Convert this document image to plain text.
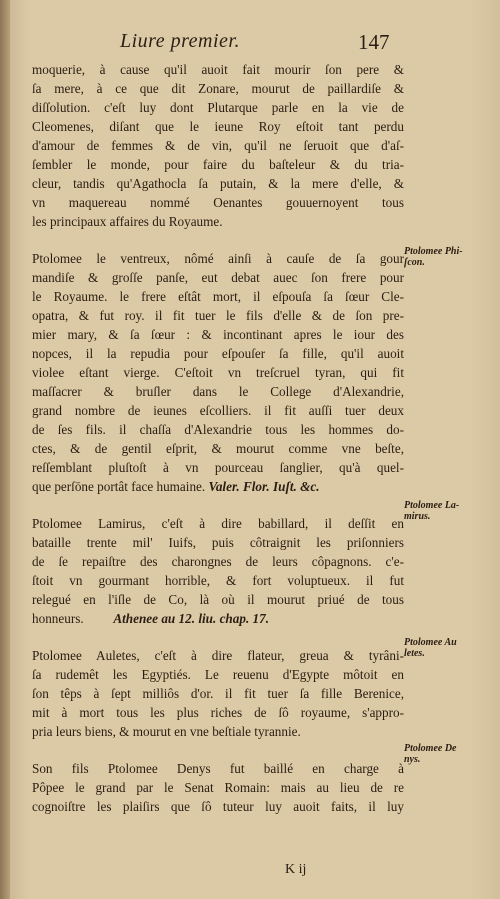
Liure premier.	147
moquerie, à cause qu'il auoit fait mourir ſon pere &
ſa mere, à ce que dit Zonare, mourut de paillardiſe &
diſſolution. c'eſt luy dont Plutarque parle en la vie de
Cleomenes, diſant que le ieune Roy eſtoit tant perdu
d'amour de femmes & de vin, qu'il ne ſeruoit que d'aſ-
ſembler le monde, pour faire du baſteleur & du tria-
cleur, tandis qu'Agathocla ſa putain, & la mere d'elle, &
vn maquereau nommé Oenantes gouuernoyent tous
les principaux affaires du Royaume.
Ptolomee le ventreux, nômé ainſi à cauſe de ſa gour
mandiſe & groſſe panſe, eut debat auec ſon frere pour
le Royaume. le frere eſtât mort, il eſpouſa ſa ſœur Cle-
opatra, & fut roy. il fit tuer le fils d'elle & de ſon pre-
mier mary, & ſa ſœur : & incontinant apres le iour des
nopces, il la repudia pour eſpouſer ſa fille, qu'il auoit
violee eſtant vierge. C'eſtoit vn treſcruel tyran, qui fit
maſſacrer & bruſler dans le College d'Alexandrie,
grand nombre de ieunes eſcolliers. il fit auſſi tuer deux
de ſes fils. il chaſſa d'Alexandrie tous les hommes do-
ctes, & de gentil eſprit, & mourut comme vne beſte,
reſſemblant pluſtoſt à vn pourceau ſanglier, qu'à quel-
que perſōne portât face humaine. Valer. Flor. Iuſt. &c.
Ptolomee Lamirus, c'eſt à dire babillard, il deſſit en
bataille trente mil' Iuifs, puis côtraignit les priſonniers
de ſe repaiſtre des charongnes de leurs côpagnons. c'e-
ſtoit vn gourmant horrible, & fort voluptueux. il fut
relegué en l'iſle de Co, là où il mourut priué de tous
honneurs. Athenee au 12. liu. chap. 17.
Ptolomee Auletes, c'eſt à dire flateur, greua & tyrâni-
ſa rudemêt les Egyptiés. Le reuenu d'Egypte môtoit en
ſon têps à ſept milliôs d'or. il fit tuer ſa fille Berenice,
mit à mort tous les plus riches de ſô royaume, s'appro-
pria leurs biens, & mourut en vne beſtiale tyrannie.
Son fils Ptolomee Denys fut baillé en charge à
Pôpee le grand par le Senat Romain: mais au lieu de re
cognoiſtre les plaiſirs que ſô tuteur luy auoit faits, il luy
Ptolomee Phi-
ſcon.
Ptolomee La-
mirus.
Ptolomee Au
letes.
Ptolomee De
nys.
K ij
